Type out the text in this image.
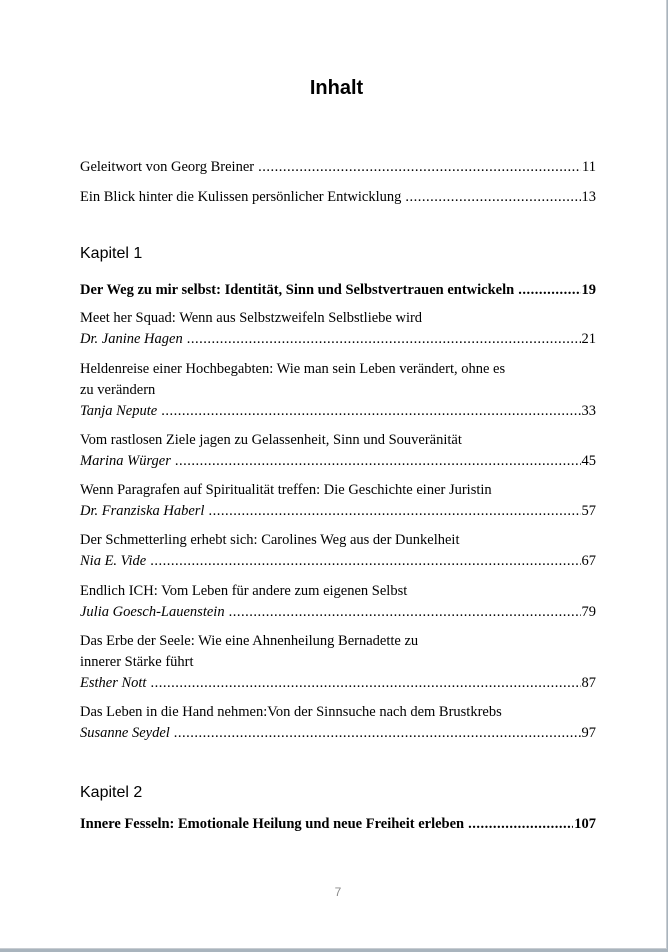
Inhalt
Geleitwort von Georg Breiner .....	11
Ein Blick hinter die Kulissen persönlicher Entwicklung .....	13
Kapitel 1
Der Weg zu mir selbst: Identität, Sinn und Selbstvertrauen entwickeln .....	19
Meet her Squad: Wenn aus Selbstzweifeln Selbstliebe wird
Dr. Janine Hagen .....	21
Heldenreise einer Hochbegabten: Wie man sein Leben verändert, ohne es
zu verändern
Tanja Nepute .....	33
Vom rastlosen Ziele jagen zu Gelassenheit, Sinn und Souveränität
Marina Würger .....	45
Wenn Paragrafen auf Spiritualität treffen: Die Geschichte einer Juristin
Dr. Franziska Haberl .....	57
Der Schmetterling erhebt sich: Carolines Weg aus der Dunkelheit
Nia E. Vide .....	67
Endlich ICH: Vom Leben für andere zum eigenen Selbst
Julia Goesch-Lauenstein .....	79
Das Erbe der Seele: Wie eine Ahnenheilung Bernadette zu
innerer Stärke führt
Esther Nott .....	87
Das Leben in die Hand nehmen:Von der Sinnsuche nach dem Brustkrebs
Susanne Seydel .....	97
Kapitel 2
Innere Fesseln: Emotionale Heilung und neue Freiheit erleben .....	107
7
